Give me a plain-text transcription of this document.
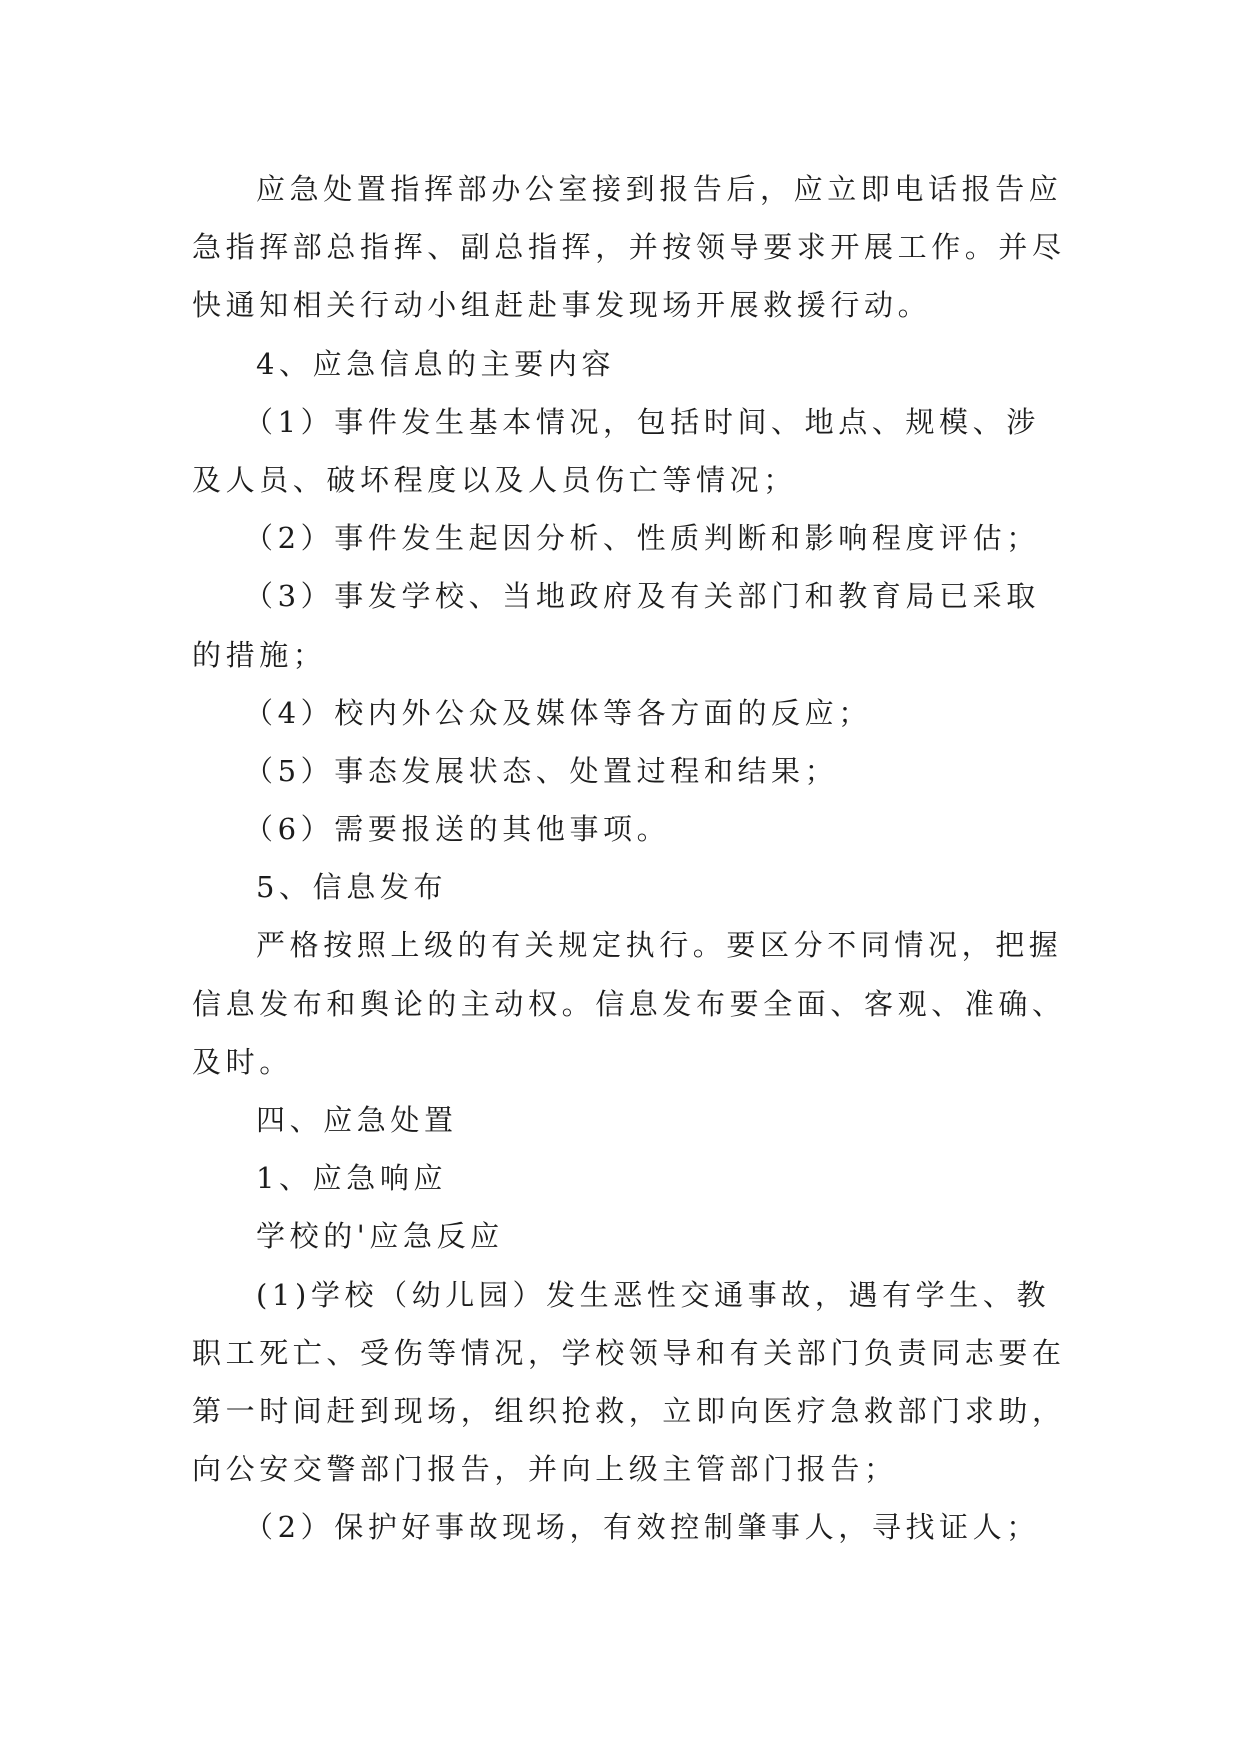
应急处置指挥部办公室接到报告后，应立即电话报告应
急指挥部总指挥、副总指挥，并按领导要求开展工作。并尽
快通知相关行动小组赶赴事发现场开展救援行动。
4、应急信息的主要内容
（1）事件发生基本情况，包括时间、地点、规模、涉
及人员、破坏程度以及人员伤亡等情况；
（2）事件发生起因分析、性质判断和影响程度评估；
（3）事发学校、当地政府及有关部门和教育局已采取
的措施；
（4）校内外公众及媒体等各方面的反应；
（5）事态发展状态、处置过程和结果；
（6）需要报送的其他事项。
5、信息发布
严格按照上级的有关规定执行。要区分不同情况，把握
信息发布和舆论的主动权。信息发布要全面、客观、准确、
及时。
四、应急处置
1、应急响应
学校的'应急反应
(1)学校（幼儿园）发生恶性交通事故，遇有学生、教
职工死亡、受伤等情况，学校领导和有关部门负责同志要在
第一时间赶到现场，组织抢救，立即向医疗急救部门求助，
向公安交警部门报告，并向上级主管部门报告；
（2）保护好事故现场，有效控制肇事人，寻找证人；
